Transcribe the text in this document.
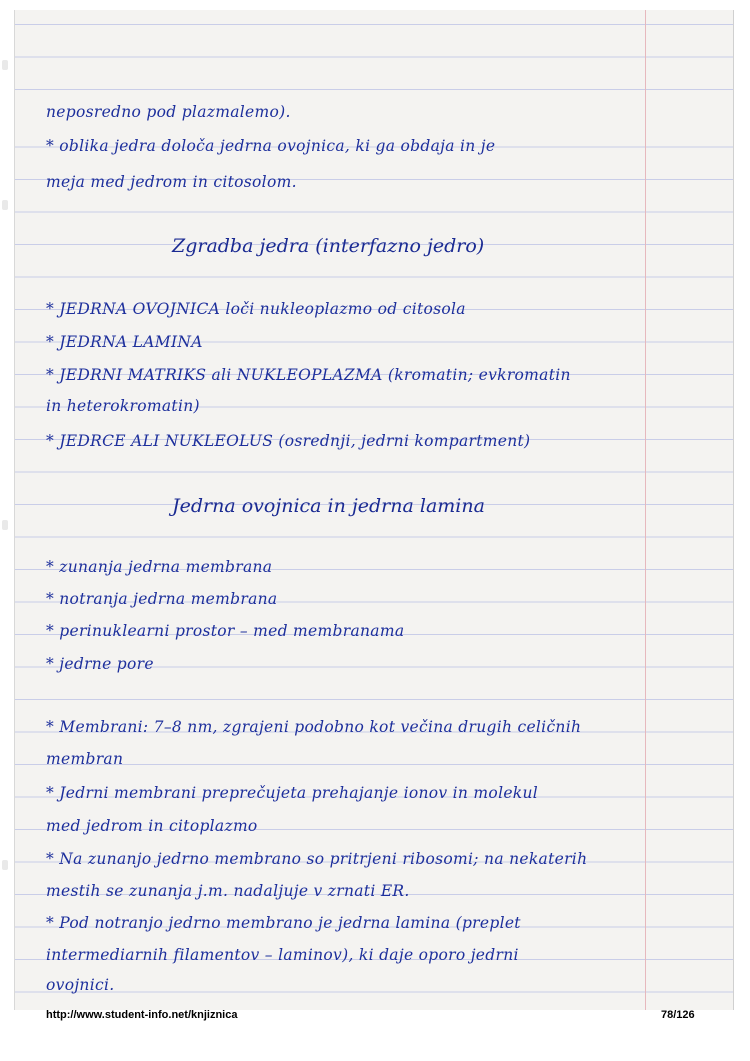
neposredno pod plazmalemo).
* oblika jedra določa jedrna ovojnica, ki ga obdaja in je
meja med jedrom in citosolom.
Zgradba jedra (interfazno jedro)
* JEDRNA OVOJNICA loči nukleoplazmo od citosola
* JEDRNA LAMINA
* JEDRNI MATRIKS ali NUKLEOPLAZMA (kromatin; evkromatin
in heterokromatin)
* JEDRCE ALI NUKLEOLUS (osrednji, jedrni kompartment)
Jedrna ovojnica in jedrna lamina
* zunanja jedrna membrana
* notranja jedrna membrana
* perinuklearni prostor – med membranama
* jedrne pore
* Membrani: 7–8 nm, zgrajeni podobno kot večina drugih celičnih
membran
* Jedrni membrani preprečujeta prehajanje ionov in molekul
med jedrom in citoplazmo
* Na zunanjo jedrno membrano so pritrjeni ribosomi; na nekaterih
mestih se zunanja j.m. nadaljuje v zrnati ER.
* Pod notranjo jedrno membrano je jedrna lamina (preplet
intermediarnih filamentov – laminov), ki daje oporo jedrni
ovojnici.
http://www.student-info.net/knjiznica	78/126
